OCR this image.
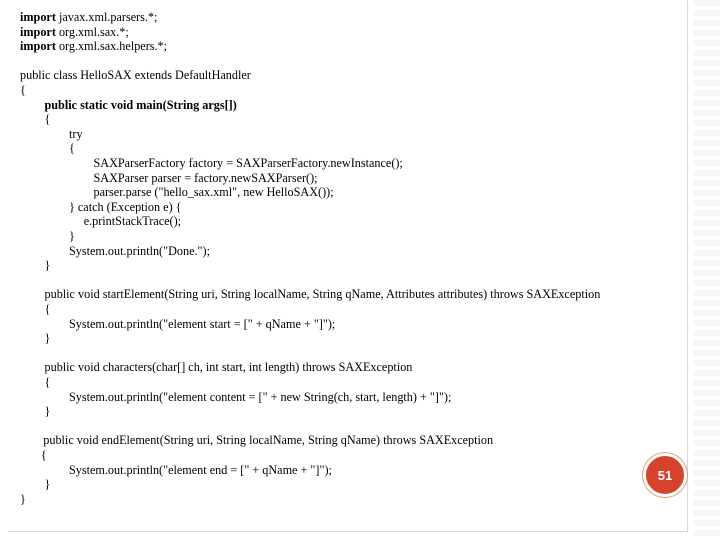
import javax.xml.parsers.*;
import org.xml.sax.*;
import org.xml.sax.helpers.*;
public class HelloSAX extends DefaultHandler
{
public static void main(String args[])
{
try
{
SAXParserFactory factory = SAXParserFactory.newInstance();
SAXParser parser = factory.newSAXParser();
parser.parse ("hello_sax.xml", new HelloSAX());
} catch (Exception e) {
e.printStackTrace();
}
System.out.println("Done.");
}
public void startElement(String uri, String localName, String qName, Attributes attributes) throws SAXException
{
System.out.println("element start = [" + qName + "]");
}
public void characters(char[] ch, int start, int length) throws SAXException
{
System.out.println("element content = [" + new String(ch, start, length) + "]");
}
public void endElement(String uri, String localName, String qName) throws SAXException
{
System.out.println("element end = [" + qName + "]");
}
}
51
